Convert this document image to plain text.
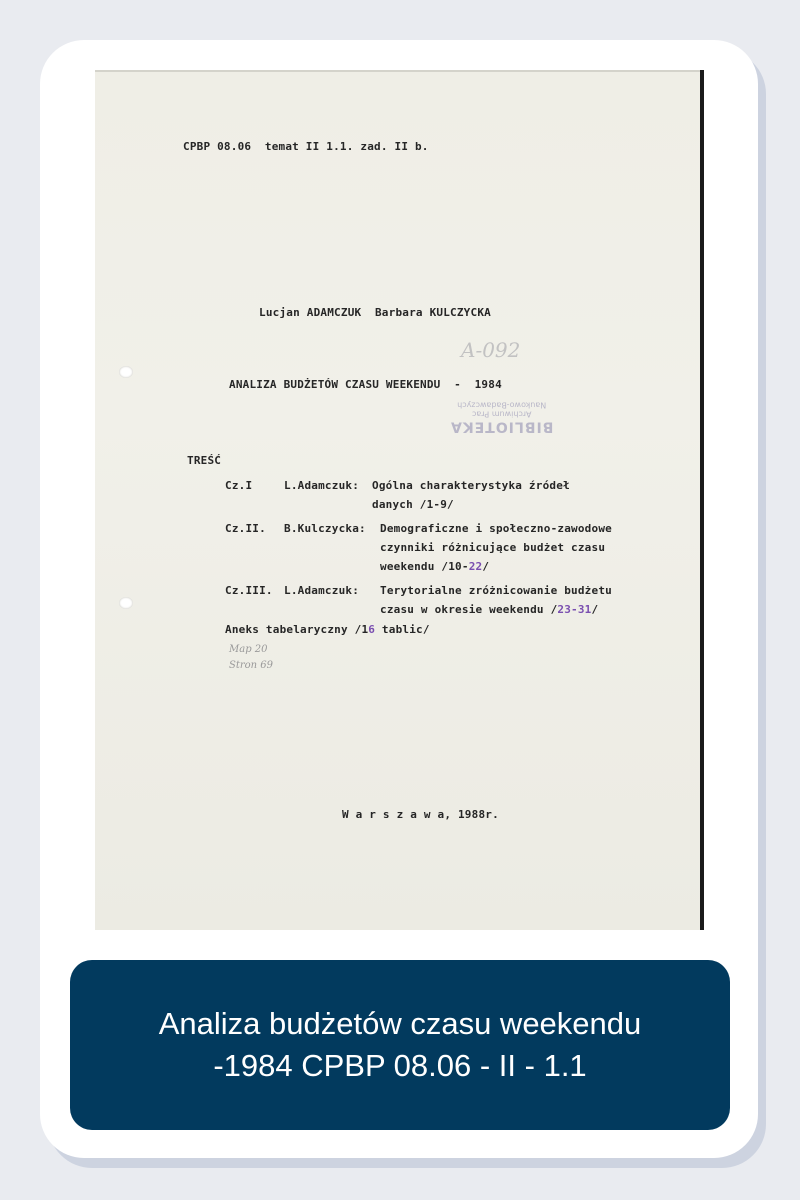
CPBP 08.06  temat II 1.1. zad. II b.
Lucjan ADAMCZUK  Barbara KULCZYCKA
A-092
ANALIZA BUDŻETÓW CZASU WEEKENDU  -  1984
BIBLIOTEKA
Archiwum Prac
Naukowo-Badawczych
TREŚĆ
Cz.I	L.Adamczuk: Ogólna charakterystyka źródeł
danych /1-9/
Cz.II. B.Kulczycka: Demograficzne i społeczno-zawodowe
czynniki różnicujące budżet czasu
weekendu /10-22/
Cz.III. L.Adamczuk: Terytorialne zróżnicowanie budżetu
czasu w okresie weekendu /23-31/
Aneks tabelaryczny /16 tablic/
Map 20
Stron 69
W a r s z a w a, 1988r.
Analiza budżetów czasu weekendu
-1984 CPBP 08.06 - II - 1.1
